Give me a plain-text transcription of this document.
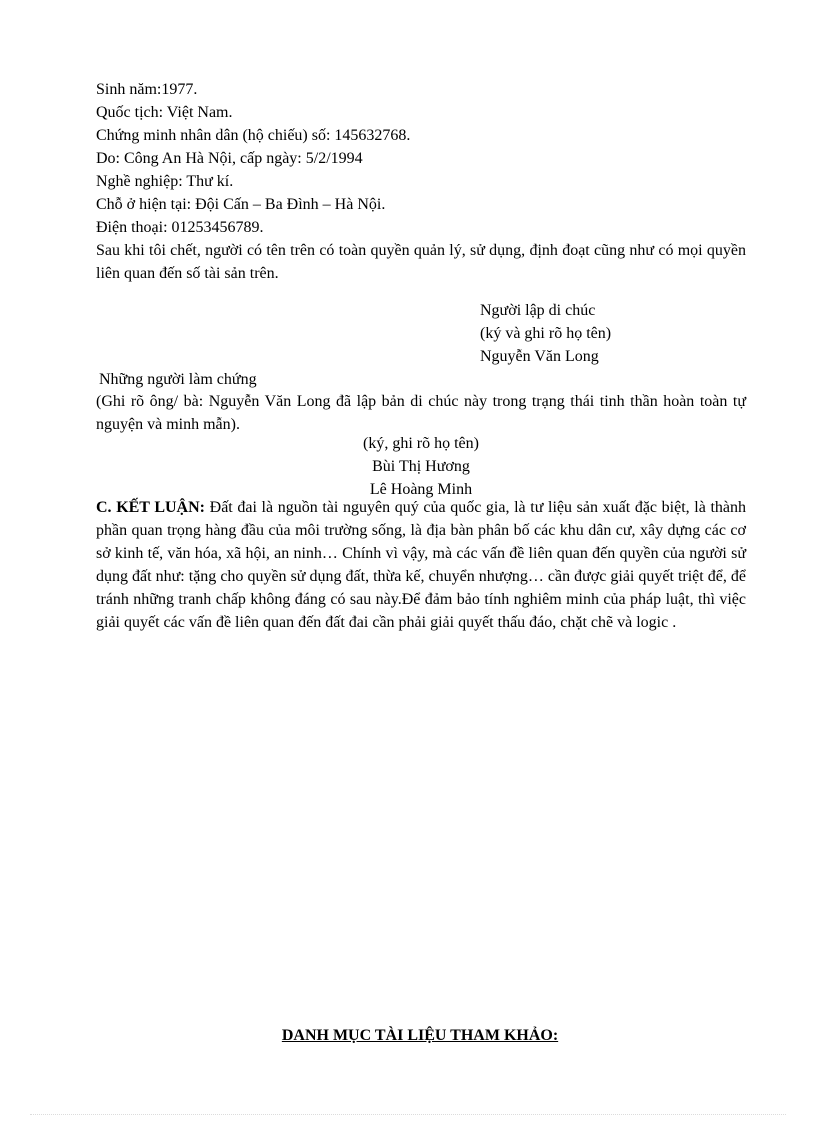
Sinh năm:1977.
Quốc tịch: Việt Nam.
Chứng minh nhân dân (hộ chiếu) số: 145632768.
Do: Công An Hà Nội, cấp ngày: 5/2/1994
Nghề nghiệp: Thư kí.
Chỗ ở hiện tại: Đội Cấn – Ba Đình – Hà Nội.
Điện thoại: 01253456789.
Sau khi tôi chết, người có tên trên có toàn quyền quản lý, sử dụng, định đoạt cũng như có mọi quyền liên quan đến số tài sản trên.
Người lập di chúc
(ký và ghi rõ họ tên)
Nguyễn Văn Long
Những người làm chứng
(Ghi rõ ông/ bà: Nguyễn Văn Long đã lập bản di chúc này trong trạng thái tinh thần hoàn toàn tự nguyện và minh mẫn).
(ký, ghi rõ họ tên)
Bùi Thị Hương
Lê Hoàng Minh
C. KẾT LUẬN: Đất đai là nguồn tài nguyên quý của quốc gia, là tư liệu sản xuất đặc biệt, là thành phần quan trọng hàng đầu của môi trường sống, là địa bàn phân bố các khu dân cư, xây dựng các cơ sở kinh tế, văn hóa, xã hội, an ninh… Chính vì vậy, mà các vấn đề liên quan đến quyền của người sử dụng đất như: tặng cho quyền sử dụng đất, thừa kế, chuyển nhượng… cần được giải quyết triệt để, để tránh những tranh chấp không đáng có sau này.Để đảm bảo tính nghiêm minh của pháp luật, thì việc giải quyết các vấn đề liên quan đến đất đai cần phải giải quyết thấu đáo, chặt chẽ và logic .
DANH MỤC TÀI LIỆU THAM KHẢO:
